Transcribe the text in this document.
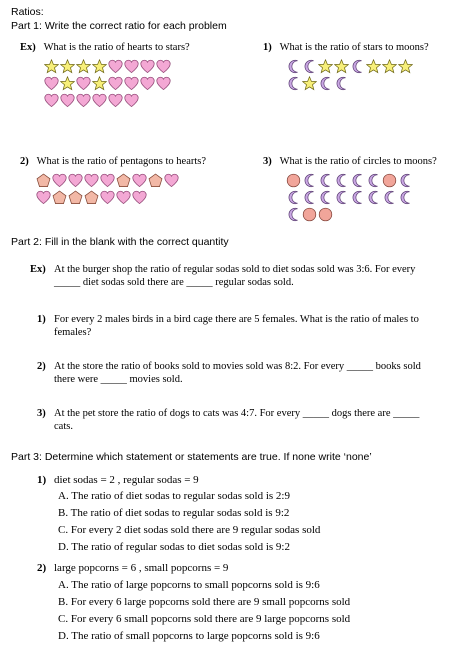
Ratios:
Part 1: Write the correct ratio for each problem
Ex) What is the ratio of hearts to stars?	1) What is the ratio of stars to moons?
2) What is the ratio of pentagons to hearts?	3) What is the ratio of circles to moons?
Part 2: Fill in the blank with the correct quantity
Ex) At the burger shop the ratio of regular sodas sold to diet sodas sold was 3:6. For every
_____ diet sodas sold there are _____ regular sodas sold.
1) For every 2 males birds in a bird cage there are 5 females. What is the ratio of males to
females?
2) At the store the ratio of books sold to movies sold was 8:2. For every _____ books sold
there were _____ movies sold.
3) At the pet store the ratio of dogs to cats was 4:7. For every _____ dogs there are _____
cats.
Part 3: Determine which statement or statements are true. If none write ‘none’
1) diet sodas = 2 , regular sodas = 9
A. The ratio of diet sodas to regular sodas sold is 2:9
B. The ratio of diet sodas to regular sodas sold is 9:2
C. For every 2 diet sodas sold there are 9 regular sodas sold
D. The ratio of regular sodas to diet sodas sold is 9:2
2) large popcorns = 6 , small popcorns = 9
A. The ratio of large popcorns to small popcorns sold is 9:6
B. For every 6 large popcorns sold there are 9 small popcorns sold
C. For every 6 small popcorns sold there are 9 large popcorns sold
D. The ratio of small popcorns to large popcorns sold is 9:6
